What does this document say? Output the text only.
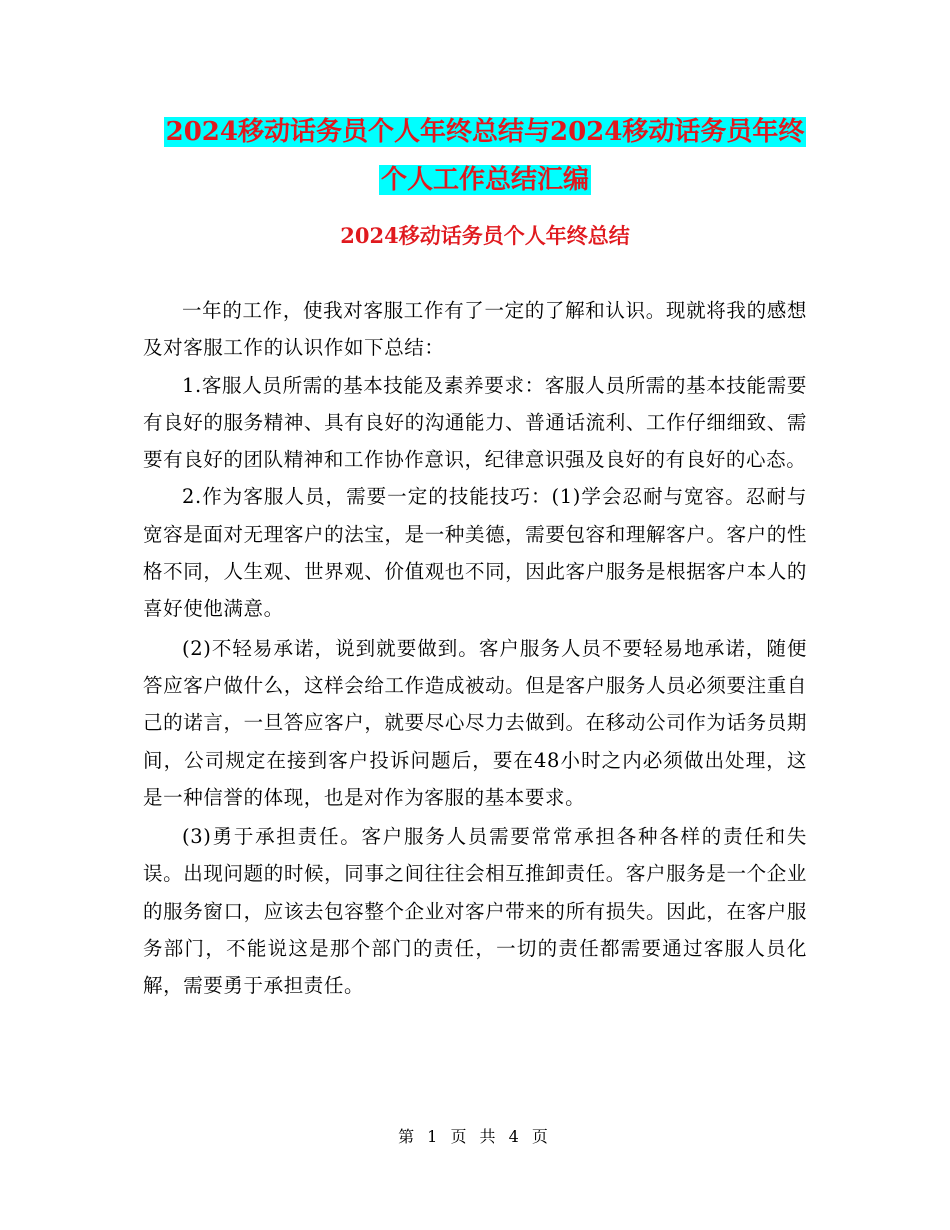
2024移动话务员个人年终总结与2024移动话务员年终
个人工作总结汇编
2024移动话务员个人年终总结

一年的工作，使我对客服工作有了一定的了解和认识。现就将我的感想及对客服工作的认识作如下总结：

1.客服人员所需的基本技能及素养要求：客服人员所需的基本技能需要有良好的服务精神、具有良好的沟通能力、普通话流利、工作仔细细致、需要有良好的团队精神和工作协作意识，纪律意识强及良好的有良好的心态。

2.作为客服人员，需要一定的技能技巧：(1)学会忍耐与宽容。忍耐与宽容是面对无理客户的法宝，是一种美德，需要包容和理解客户。客户的性格不同，人生观、世界观、价值观也不同，因此客户服务是根据客户本人的喜好使他满意。

(2)不轻易承诺，说到就要做到。客户服务人员不要轻易地承诺，随便答应客户做什么，这样会给工作造成被动。但是客户服务人员必须要注重自己的诺言，一旦答应客户，就要尽心尽力去做到。在移动公司作为话务员期间，公司规定在接到客户投诉问题后，要在48小时之内必须做出处理，这是一种信誉的体现，也是对作为客服的基本要求。

(3)勇于承担责任。客户服务人员需要常常承担各种各样的责任和失误。出现问题的时候，同事之间往往会相互推卸责任。客户服务是一个企业的服务窗口，应该去包容整个企业对客户带来的所有损失。因此，在客户服务部门，不能说这是那个部门的责任，一切的责任都需要通过客服人员化解，需要勇于承担责任。

第 1 页 共 4 页
